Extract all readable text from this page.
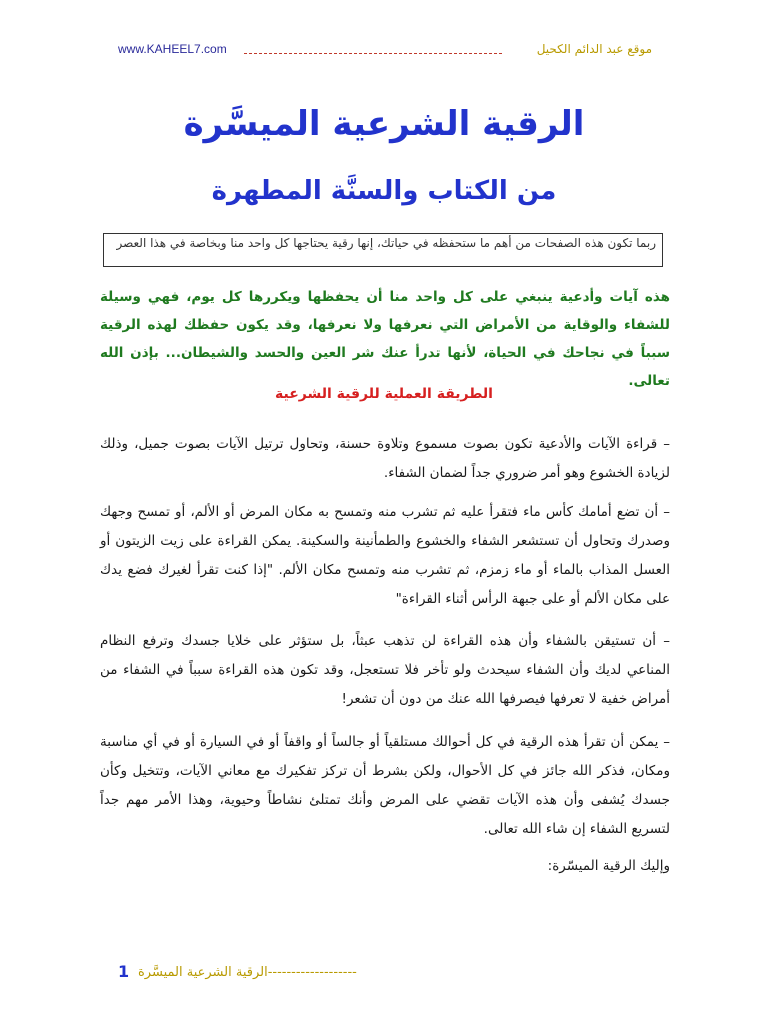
www.KAHEEL7.com	موقع عبد الدائم الكحيل
الرقية الشرعية الميسَّرة
من الكتاب والسنَّة المطهرة
ربما تكون هذه الصفحات من أهم ما ستحفظه في حياتك، إنها رقية يحتاجها كل واحد منا وبخاصة في هذا العصر
هذه آيات وأدعية ينبغي على كل واحد منا أن يحفظها ويكررها كل يوم، فهي وسيلة للشفاء والوقاية من الأمراض التي نعرفها ولا نعرفها، وقد يكون حفظك لهذه الرقية سبباً في نجاحك في الحياة، لأنها تدرأ عنك شر العين والحسد والشيطان... بإذن الله تعالى.
الطريقة العملية للرقية الشرعية
– قراءة الآيات والأدعية تكون بصوت مسموع وتلاوة حسنة، وتحاول ترتيل الآيات بصوت جميل، وذلك لزيادة الخشوع وهو أمر ضروري جداً لضمان الشفاء.
– أن تضع أمامك كأس ماء فتقرأ عليه ثم تشرب منه وتمسح به مكان المرض أو الألم، أو تمسح وجهك وصدرك وتحاول أن تستشعر الشفاء والخشوع والطمأنينة والسكينة. يمكن القراءة على زيت الزيتون أو العسل المذاب بالماء أو ماء زمزم، ثم تشرب منه وتمسح مكان الألم. "إذا كنت تقرأ لغيرك فضع يدك على مكان الألم أو على جبهة الرأس أثناء القراءة"
– أن تستيقن بالشفاء وأن هذه القراءة لن تذهب عبثاً، بل ستؤثر على خلايا جسدك وترفع النظام المناعي لديك وأن الشفاء سيحدث ولو تأخر فلا تستعجل، وقد تكون هذه القراءة سبباً في الشفاء من أمراض خفية لا تعرفها فيصرفها الله عنك من دون أن تشعر!
– يمكن أن تقرأ هذه الرقية في كل أحوالك مستلقياً أو جالساً أو واقفاً أو في السيارة أو في أي مناسبة ومكان، فذكر الله جائز في كل الأحوال، ولكن بشرط أن تركز تفكيرك مع معاني الآيات، وتتخيل وكأن جسدك يُشفى وأن هذه الآيات تقضي على المرض وأنك تمتلئ نشاطاً وحيوية، وهذا الأمر مهم جداً لتسريع الشفاء إن شاء الله تعالى.
وإليك الرقية الميسّرة:
1 الرقية الشرعية الميسَّرة-------------------
